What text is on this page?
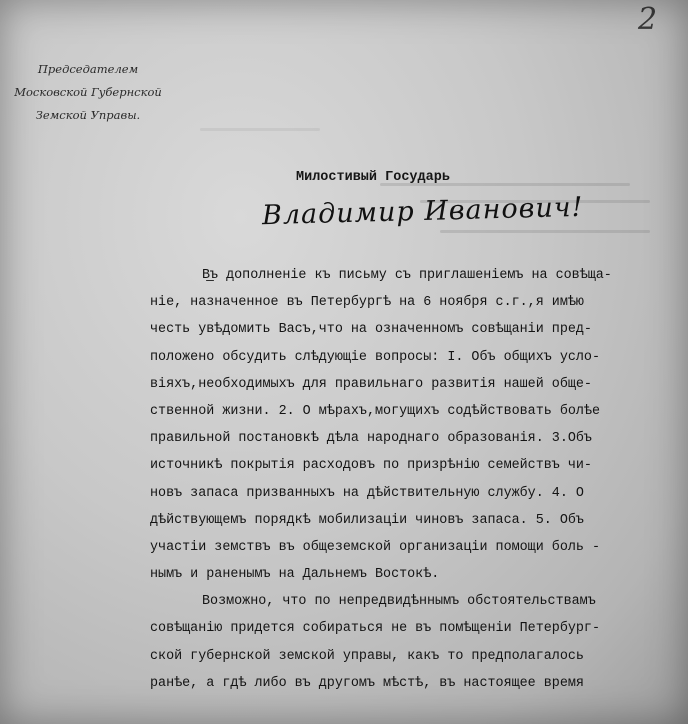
2
Председателем
Московской Губернской
Земской Управы.
Милостивый Государь
Владимир Иванович!
В̲ъ дополненіе къ письму съ приглашеніемъ на совѣща-
ніе, назначенное въ Петербургѣ на 6 ноября с.г.,я имѣю
честь увѣдомить Васъ,что на означенномъ совѣщаніи пред-
положено обсудить слѣдующіе вопросы: I. Объ общихъ усло-
віяхъ,необходимыхъ для правильнаго развитія нашей обще-
ственной жизни. 2. О мѣрахъ,могущихъ содѣйствовать болѣе
правильной постановкѣ дѣла народнаго образованія. 3.Объ
источникѣ покрытія расходовъ по призрѣнію семействъ чи-
новъ запаса призванныхъ на дѣйствительную службу. 4. О
дѣйствующемъ порядкѣ мобилизаціи чиновъ запаса. 5. Объ
участіи земствъ въ общеземской организаціи помощи боль -
нымъ и раненымъ на Дальнемъ Востокѣ.
Возможно, что по непредвидѣннымъ обстоятельствамъ
совѣщанію придется собираться не въ помѣщеніи Петербург-
ской губернской земской управы, какъ то предполагалось
ранѣе, а гдѣ либо въ другомъ мѣстѣ, въ настоящее время
